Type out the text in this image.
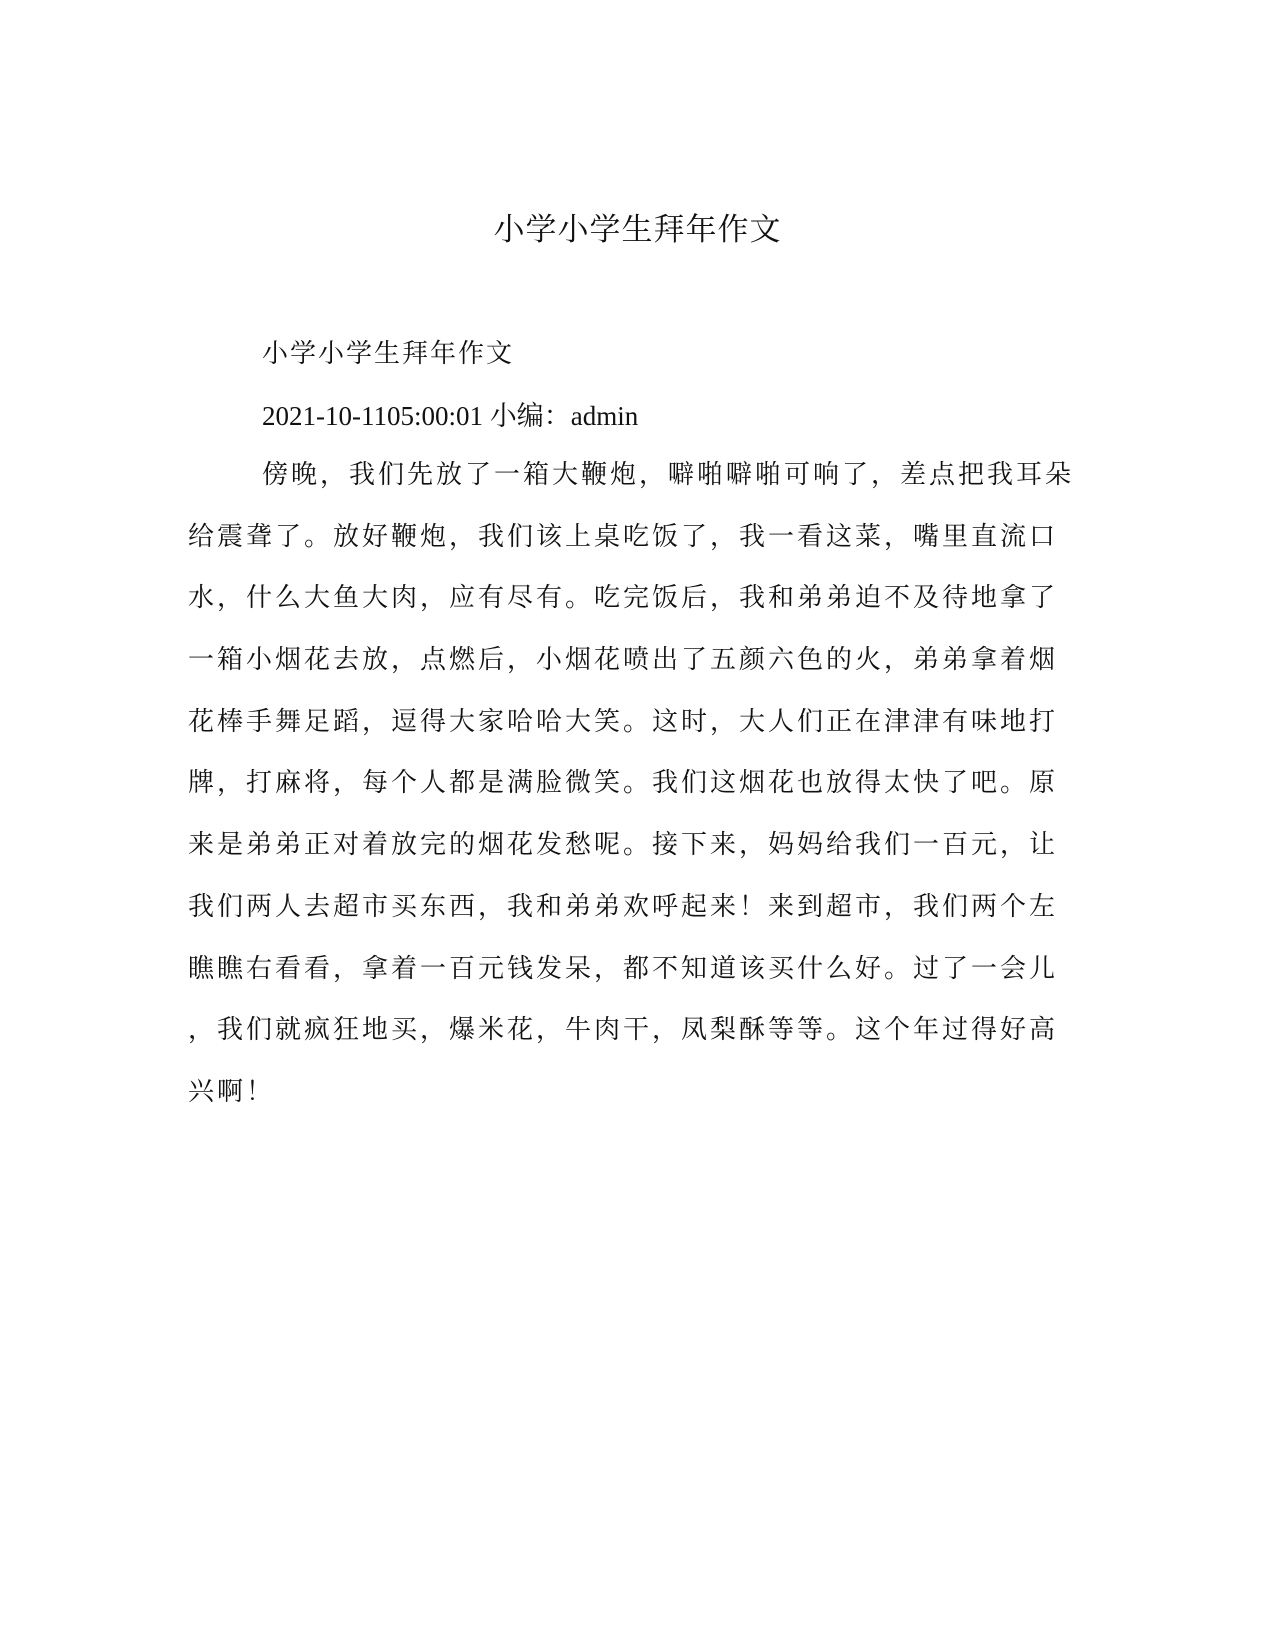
小学小学生拜年作文
小学小学生拜年作文
2021-10-1105:00:01 小编：admin
傍晚，我们先放了一箱大鞭炮，噼啪噼啪可响了，差点把我耳朵
给震聋了。放好鞭炮，我们该上桌吃饭了，我一看这菜，嘴里直流口
水，什么大鱼大肉，应有尽有。吃完饭后，我和弟弟迫不及待地拿了
一箱小烟花去放，点燃后，小烟花喷出了五颜六色的火，弟弟拿着烟
花棒手舞足蹈，逗得大家哈哈大笑。这时，大人们正在津津有味地打
牌，打麻将，每个人都是满脸微笑。我们这烟花也放得太快了吧。原
来是弟弟正对着放完的烟花发愁呢。接下来，妈妈给我们一百元，让
我们两人去超市买东西，我和弟弟欢呼起来！来到超市，我们两个左
瞧瞧右看看，拿着一百元钱发呆，都不知道该买什么好。过了一会儿
，我们就疯狂地买，爆米花，牛肉干，凤梨酥等等。这个年过得好高
兴啊！
